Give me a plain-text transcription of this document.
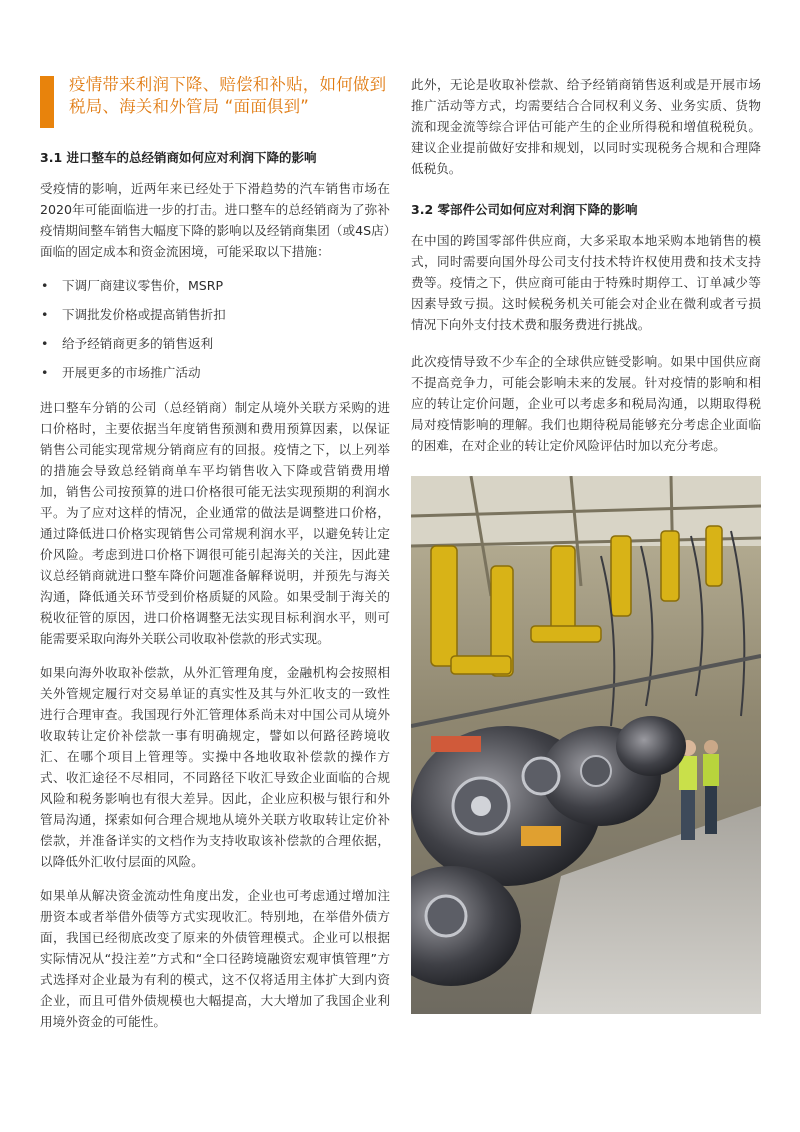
疫情带来利润下降、赔偿和补贴，如何做到税局、海关和外管局 “面面俱到”
3.1 进口整车的总经销商如何应对利润下降的影响

受疫情的影响，近两年来已经处于下滑趋势的汽车销售市场在2020年可能面临进一步的打击。进口整车的总经销商为了弥补疫情期间整车销售大幅度下降的影响以及经销商集团（或4S店）面临的固定成本和资金流困境，可能采取以下措施：

• 下调厂商建议零售价，MSRP
• 下调批发价格或提高销售折扣
• 给予经销商更多的销售返利
• 开展更多的市场推广活动

进口整车分销的公司（总经销商）制定从境外关联方采购的进口价格时，主要依据当年度销售预测和费用预算因素，以保证销售公司能实现常规分销商应有的回报。疫情之下，以上列举的措施会导致总经销商单车平均销售收入下降或营销费用增加，销售公司按预算的进口价格很可能无法实现预期的利润水平。为了应对这样的情况，企业通常的做法是调整进口价格，通过降低进口价格实现销售公司常规利润水平，以避免转让定价风险。考虑到进口价格下调很可能引起海关的关注，因此建议总经销商就进口整车降价问题准备解释说明，并预先与海关沟通，降低通关环节受到价格质疑的风险。如果受制于海关的税收征管的原因，进口价格调整无法实现目标利润水平，则可能需要采取向海外关联公司收取补偿款的形式实现。

如果向海外收取补偿款，从外汇管理角度，金融机构会按照相关外管规定履行对交易单证的真实性及其与外汇收支的一致性进行合理审查。我国现行外汇管理体系尚未对中国公司从境外收取转让定价补偿款一事有明确规定，譬如以何路径跨境收汇、在哪个项目上管理等。实操中各地收取补偿款的操作方式、收汇途径不尽相同，不同路径下收汇导致企业面临的合规风险和税务影响也有很大差异。因此，企业应积极与银行和外管局沟通，探索如何合理合规地从境外关联方收取转让定价补偿款，并准备详实的文档作为支持收取该补偿款的合理依据，以降低外汇收付层面的风险。

如果单从解决资金流动性角度出发，企业也可考虑通过增加注册资本或者举借外债等方式实现收汇。特别地，在举借外债方面，我国已经彻底改变了原来的外债管理模式。企业可以根据实际情况从“投注差”方式和“全口径跨境融资宏观审慎管理”方式选择对企业最为有利的模式，这不仅将适用主体扩大到内资企业，而且可借外债规模也大幅提高，大大增加了我国企业利用境外资金的可能性。

此外，无论是收取补偿款、给予经销商销售返利或是开展市场推广活动等方式，均需要结合合同权利义务、业务实质、货物流和现金流等综合评估可能产生的企业所得税和增值税税负。建议企业提前做好安排和规划，以同时实现税务合规和合理降低税负。

3.2 零部件公司如何应对利润下降的影响

在中国的跨国零部件供应商，大多采取本地采购本地销售的模式，同时需要向国外母公司支付技术特许权使用费和技术支持费等。疫情之下，供应商可能由于特殊时期停工、订单减少等因素导致亏损。这时候税务机关可能会对企业在微利或者亏损情况下向外支付技术费和服务费进行挑战。

此次疫情导致不少车企的全球供应链受影响。如果中国供应商不提高竞争力，可能会影响未来的发展。针对疫情的影响和相应的转让定价问题，企业可以考虑多和税局沟通，以期取得税局对疫情影响的理解。我们也期待税局能够充分考虑企业面临的困难，在对企业的转让定价风险评估时加以充分考虑。
